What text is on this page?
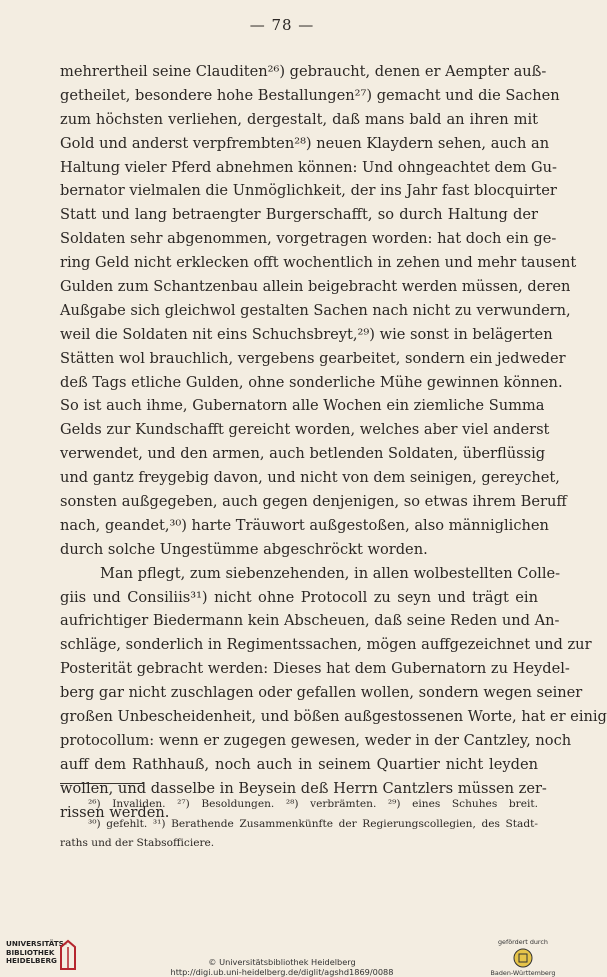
— 78 —
mehrertheil seine Clauditen²⁶) gebraucht, denen er Aempter auß-
getheilet, besondere hohe Bestallungen²⁷) gemacht und die Sachen
zum höchsten verliehen, dergestalt, daß mans bald an ihren mit
Gold und anderst verpfrembten²⁸) neuen Klaydern sehen, auch an
Haltung vieler Pferd abnehmen können: Und ohngeachtet dem Gu-
bernator vielmalen die Unmöglichkeit, der ins Jahr fast blocquirter
Statt und lang betraengter Burgerschafft, so durch Haltung der
Soldaten sehr abgenommen, vorgetragen worden: hat doch ein ge-
ring Geld nicht erklecken offt wochentlich in zehen und mehr tausent
Gulden zum Schantzenbau allein beigebracht werden müssen, deren
Außgabe sich gleichwol gestalten Sachen nach nicht zu verwundern,
weil die Soldaten nit eins Schuchsbreyt,²⁹) wie sonst in belägerten
Stätten wol brauchlich, vergebens gearbeitet, sondern ein jedweder
deß Tags etliche Gulden, ohne sonderliche Mühe gewinnen können.
So ist auch ihme, Gubernatorn alle Wochen ein ziemliche Summa
Gelds zur Kundschafft gereicht worden, welches aber viel anderst
verwendet, und den armen, auch betlenden Soldaten, überflüssig
und gantz freygebig davon, und nicht von dem seinigen, gereychet,
sonsten außgegeben, auch gegen denjenigen, so etwas ihrem Beruff
nach, geandet,³⁰) harte Träuwort außgestoßen, also männiglichen
durch solche Ungestümme abgeschröckt worden.
Man pflegt, zum siebenzehenden, in allen wolbestellten Colle-
giis und Consiliis³¹) nicht ohne Protocoll zu seyn und trägt ein
aufrichtiger Biedermann kein Abscheuen, daß seine Reden und An-
schläge, sonderlich in Regimentssachen, mögen auffgezeichnet und zur
Posterität gebracht werden: Dieses hat dem Gubernatorn zu Heydel-
berg gar nicht zuschlagen oder gefallen wollen, sondern wegen seiner
großen Unbescheidenheit, und bößen außgestossenen Worte, hat er einig
protocollum: wenn er zugegen gewesen, weder in der Cantzley, noch
auff dem Rathhauß, noch auch in seinem Quartier nicht leyden
wollen, und dasselbe in Beysein deß Herrn Cantzlers müssen zer-
rissen werden.
²⁶) Invaliden. ²⁷) Besoldungen. ²⁸) verbrämten. ²⁹) eines Schuhes breit.
³⁰) gefehlt. ³¹) Berathende Zusammenkünfte der Regierungscollegien, des Stadt-
raths und der Stabsofficiere.
UNIVERSITÄTS-
BIBLIOTHEK
HEIDELBERG	© Universitätsbibliothek Heidelberg
http://digi.ub.uni-heidelberg.de/diglit/agshd1869/0088
gefördert durch
Baden-Württemberg
